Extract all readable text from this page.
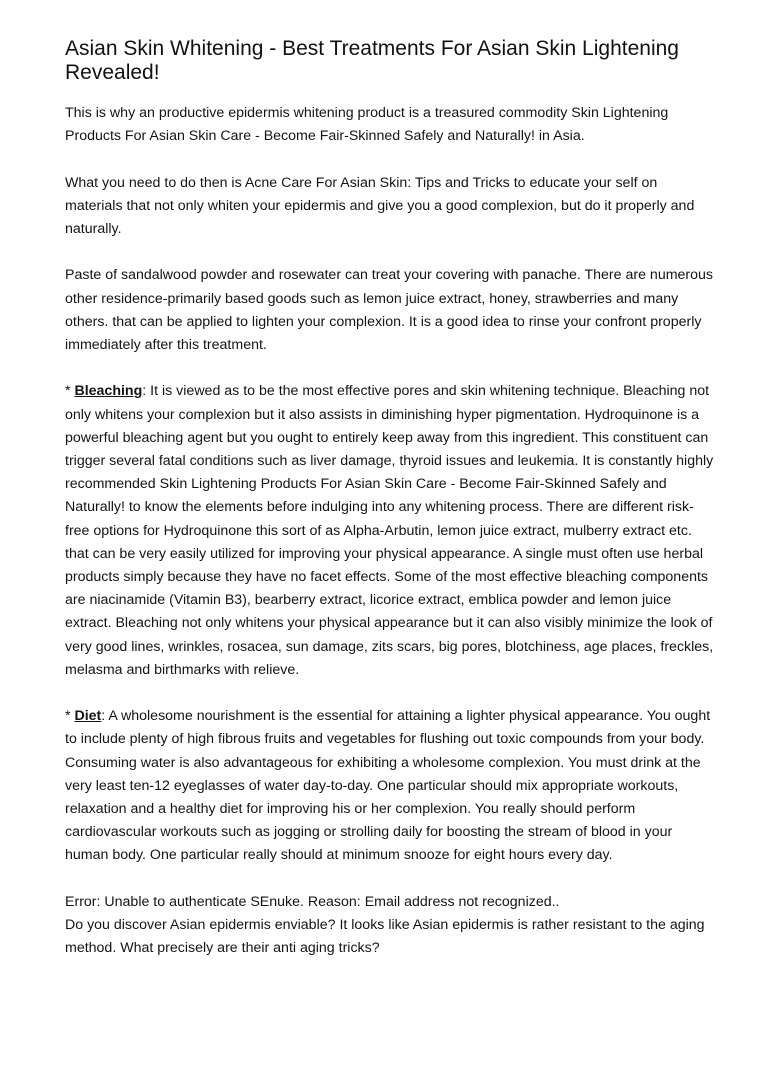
Asian Skin Whitening - Best Treatments For Asian Skin Lightening Revealed!

This is why an productive epidermis whitening product is a treasured commodity Skin Lightening Products For Asian Skin Care - Become Fair-Skinned Safely and Naturally! in Asia.

What you need to do then is Acne Care For Asian Skin: Tips and Tricks to educate your self on materials that not only whiten your epidermis and give you a good complexion, but do it properly and naturally.

Paste of sandalwood powder and rosewater can treat your covering with panache. There are numerous other residence-primarily based goods such as lemon juice extract, honey, strawberries and many others. that can be applied to lighten your complexion. It is a good idea to rinse your confront properly immediately after this treatment.

* Bleaching: It is viewed as to be the most effective pores and skin whitening technique. Bleaching not only whitens your complexion but it also assists in diminishing hyper pigmentation. Hydroquinone is a powerful bleaching agent but you ought to entirely keep away from this ingredient. This constituent can trigger several fatal conditions such as liver damage, thyroid issues and leukemia. It is constantly highly recommended Skin Lightening Products For Asian Skin Care - Become Fair-Skinned Safely and Naturally! to know the elements before indulging into any whitening process. There are different risk-free options for Hydroquinone this sort of as Alpha-Arbutin, lemon juice extract, mulberry extract etc. that can be very easily utilized for improving your physical appearance. A single must often use herbal products simply because they have no facet effects. Some of the most effective bleaching components are niacinamide (Vitamin B3), bearberry extract, licorice extract, emblica powder and lemon juice extract. Bleaching not only whitens your physical appearance but it can also visibly minimize the look of very good lines, wrinkles, rosacea, sun damage, zits scars, big pores, blotchiness, age places, freckles, melasma and birthmarks with relieve.

* Diet: A wholesome nourishment is the essential for attaining a lighter physical appearance. You ought to include plenty of high fibrous fruits and vegetables for flushing out toxic compounds from your body. Consuming water is also advantageous for exhibiting a wholesome complexion. You must drink at the very least ten-12 eyeglasses of water day-to-day. One particular should mix appropriate workouts, relaxation and a healthy diet for improving his or her complexion. You really should perform cardiovascular workouts such as jogging or strolling daily for boosting the stream of blood in your human body. One particular really should at minimum snooze for eight hours every day.

Error: Unable to authenticate SEnuke. Reason: Email address not recognized..

Do you discover Asian epidermis enviable? It looks like Asian epidermis is rather resistant to the aging method. What precisely are their anti aging tricks?
